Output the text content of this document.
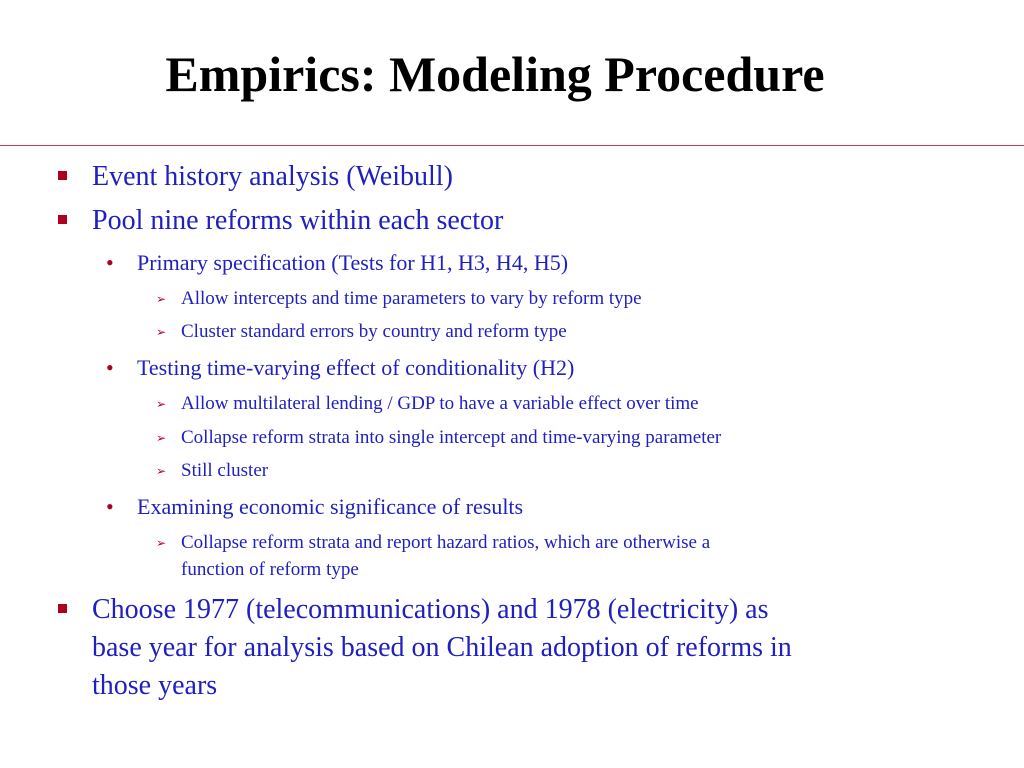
Empirics: Modeling Procedure
Event history analysis (Weibull)
Pool nine reforms within each sector
• Primary specification (Tests for H1, H3, H4, H5)
➢ Allow intercepts and time parameters to vary by reform type
➢ Cluster standard errors by country and reform type
• Testing time-varying effect of conditionality (H2)
➢ Allow multilateral lending / GDP to have a variable effect over time
➢ Collapse reform strata into single intercept and time-varying parameter
➢ Still cluster
• Examining economic significance of results
➢ Collapse reform strata and report hazard ratios, which are otherwise a
function of reform type
Choose 1977 (telecommunications) and 1978 (electricity) as
base year for analysis based on Chilean adoption of reforms in
those years
